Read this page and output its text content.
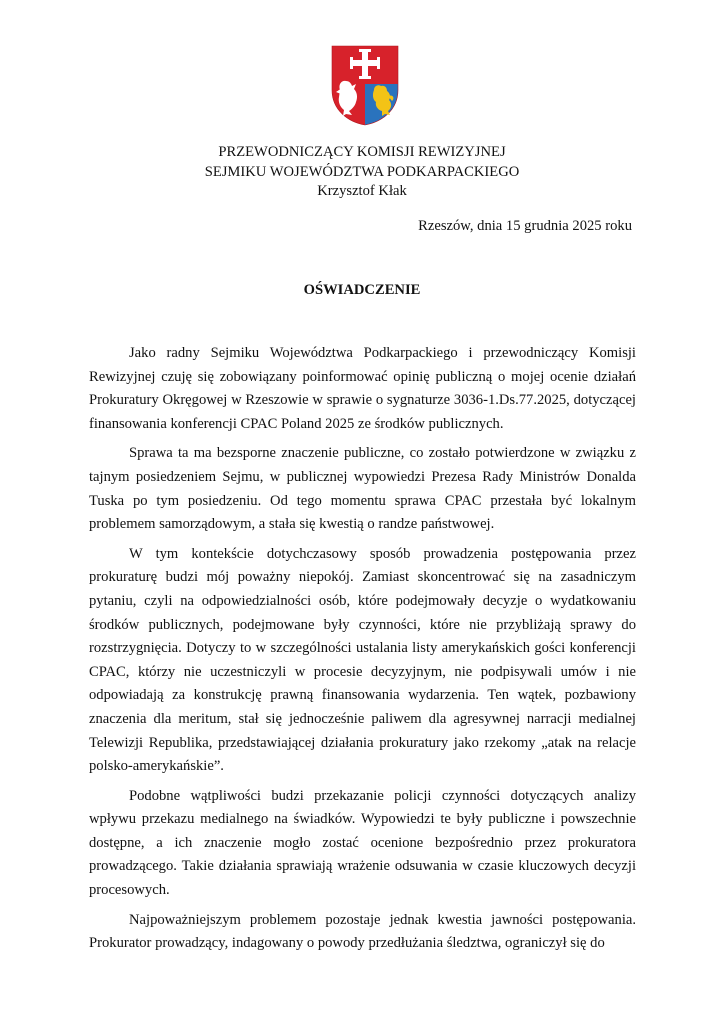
PRZEWODNICZĄCY KOMISJI REWIZYJNEJ
SEJMIKU WOJEWÓDZTWA PODKARPACKIEGO
Krzysztof Kłak
Rzeszów, dnia 15 grudnia 2025 roku
OŚWIADCZENIE

Jako radny Sejmiku Województwa Podkarpackiego i przewodniczący Komisji Rewizyjnej czuję się zobowiązany poinformować opinię publiczną o mojej ocenie działań Prokuratury Okręgowej w Rzeszowie w sprawie o sygnaturze 3036-1.Ds.77.2025, dotyczącej finansowania konferencji CPAC Poland 2025 ze środków publicznych.

Sprawa ta ma bezsporne znaczenie publiczne, co zostało potwierdzone w związku z tajnym posiedzeniem Sejmu, w publicznej wypowiedzi Prezesa Rady Ministrów Donalda Tuska po tym posiedzeniu. Od tego momentu sprawa CPAC przestała być lokalnym problemem samorządowym, a stała się kwestią o randze państwowej.

W tym kontekście dotychczasowy sposób prowadzenia postępowania przez prokuraturę budzi mój poważny niepokój. Zamiast skoncentrować się na zasadniczym pytaniu, czyli na odpowiedzialności osób, które podejmowały decyzje o wydatkowaniu środków publicznych, podejmowane były czynności, które nie przybliżają sprawy do rozstrzygnięcia. Dotyczy to w szczególności ustalania listy amerykańskich gości konferencji CPAC, którzy nie uczestniczyli w procesie decyzyjnym, nie podpisywali umów i nie odpowiadają za konstrukcję prawną finansowania wydarzenia. Ten wątek, pozbawiony znaczenia dla meritum, stał się jednocześnie paliwem dla agresywnej narracji medialnej Telewizji Republika, przedstawiającej działania prokuratury jako rzekomy „atak na relacje polsko-amerykańskie”.

Podobne wątpliwości budzi przekazanie policji czynności dotyczących analizy wpływu przekazu medialnego na świadków. Wypowiedzi te były publiczne i powszechnie dostępne, a ich znaczenie mogło zostać ocenione bezpośrednio przez prokuratora prowadzącego. Takie działania sprawiają wrażenie odsuwania w czasie kluczowych decyzji procesowych.

Najpoważniejszym problemem pozostaje jednak kwestia jawności postępowania. Prokurator prowadzący, indagowany o powody przedłużania śledztwa, ograniczył się do
